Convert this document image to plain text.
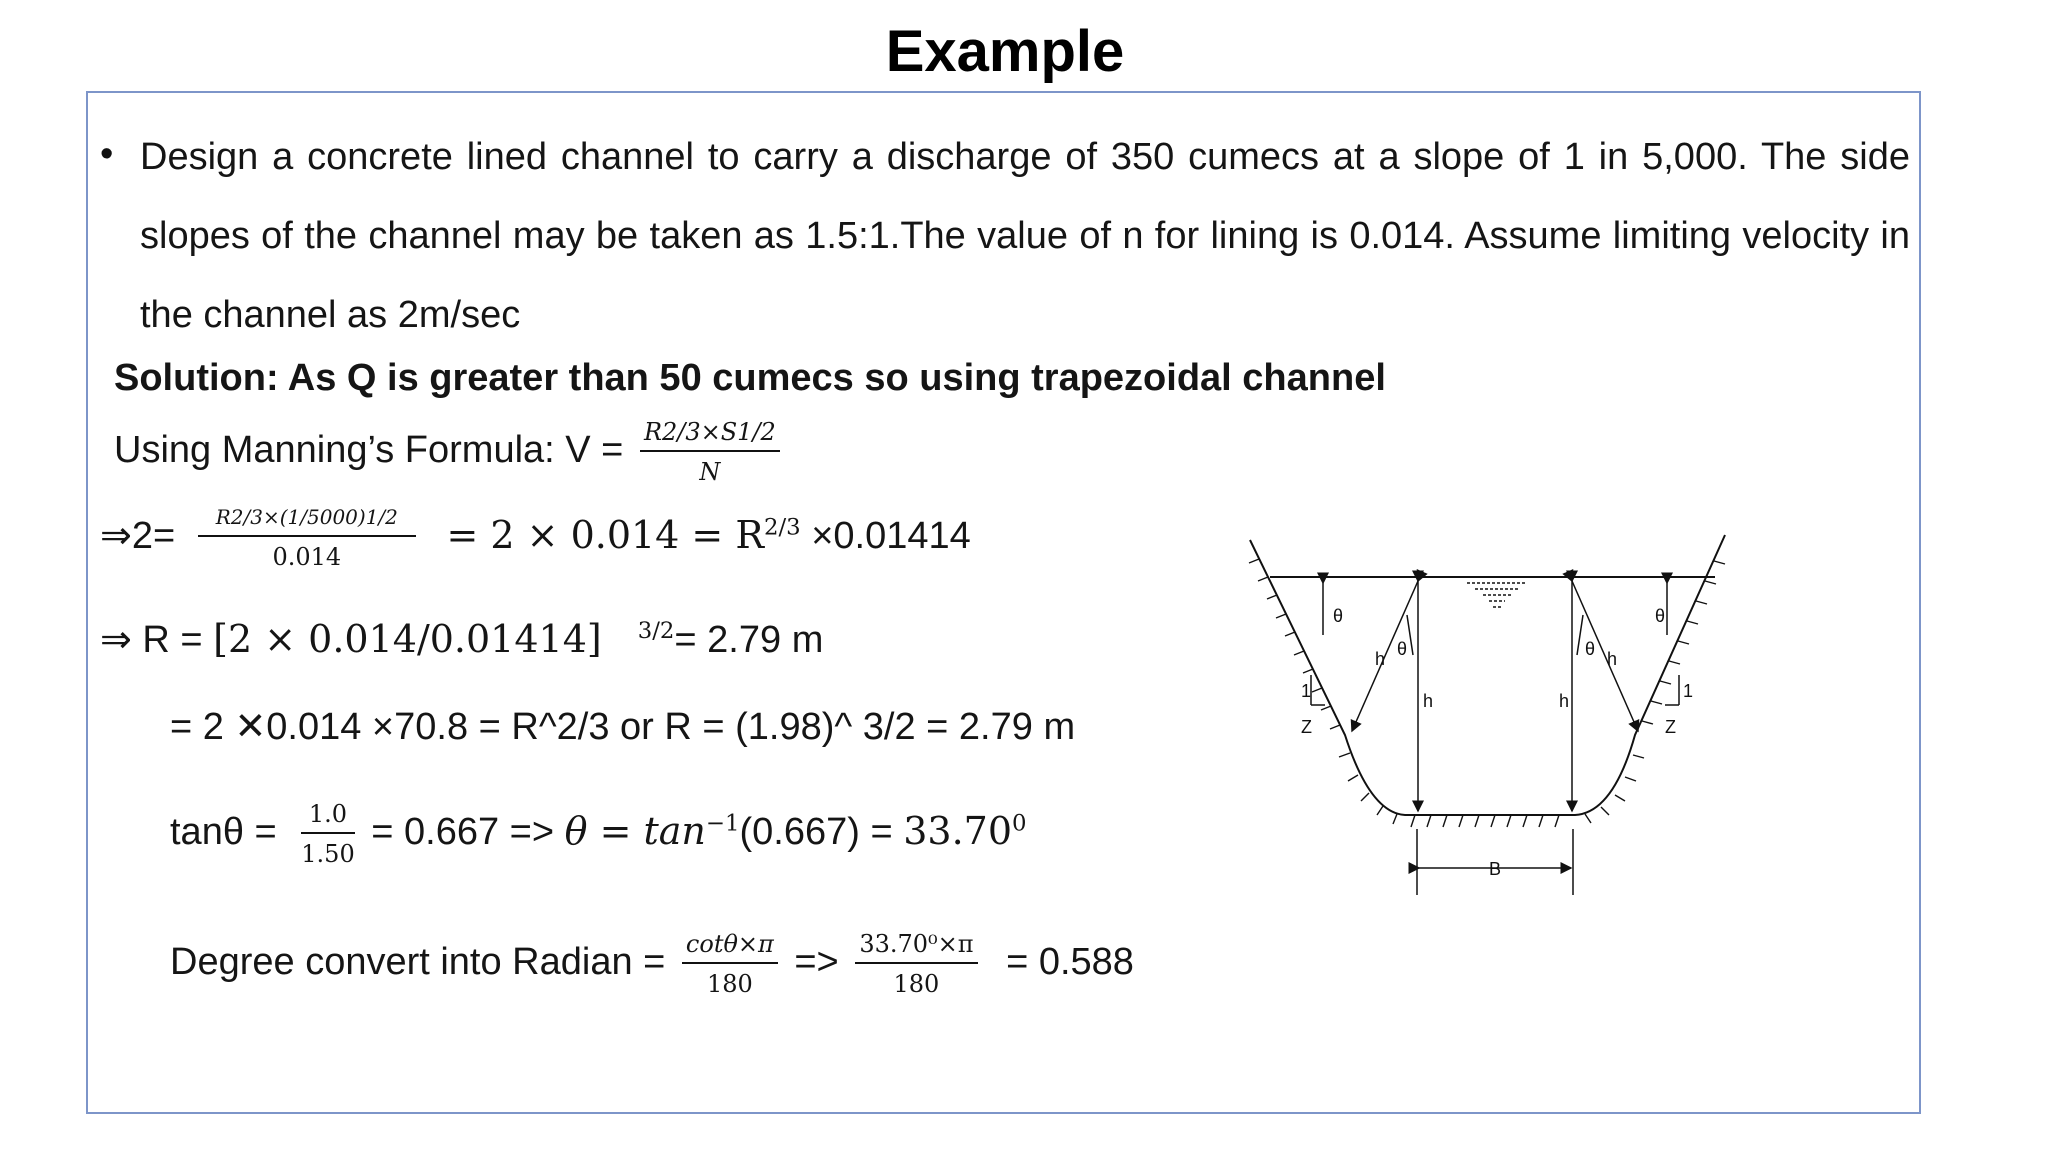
Example
• Design a concrete lined channel to carry a discharge of 350 cumecs at a slope of 1 in 5,000. The side slopes of the channel may be taken as 1.5:1.The value of n for lining is 0.014. Assume limiting velocity in the channel as 2m/sec
Solution: As Q is greater than 50 cumecs so using trapezoidal channel
Using Manning’s Formula: $V = \frac{R2/3\times S1/2}{N}$
⇒2= $\frac{R2/3\times(1/5000)1/2}{0.014} = 2 \times 0.014 = R^{2/3} \times 0.01414$
⇒ R = [2 × 0.014/0.01414] $^{3/2}$= 2.79 m
= 2 ✕0.014 ×70.8 = R^2/3 or R = (1.98)^ 3/2 = 2.79 m
$\tan\theta = \frac{1.0}{1.50} = 0.667 => \theta = \tan^{-1}(0.667) = 33.70^0$
Degree convert into Radian = $\frac{\cot\theta\times\pi}{180} => \frac{\text{33.70⁰×π}}{180} = 0.588$
θ	θ
θ	θ
h	h
h	h
1
Z
1
Z
B
